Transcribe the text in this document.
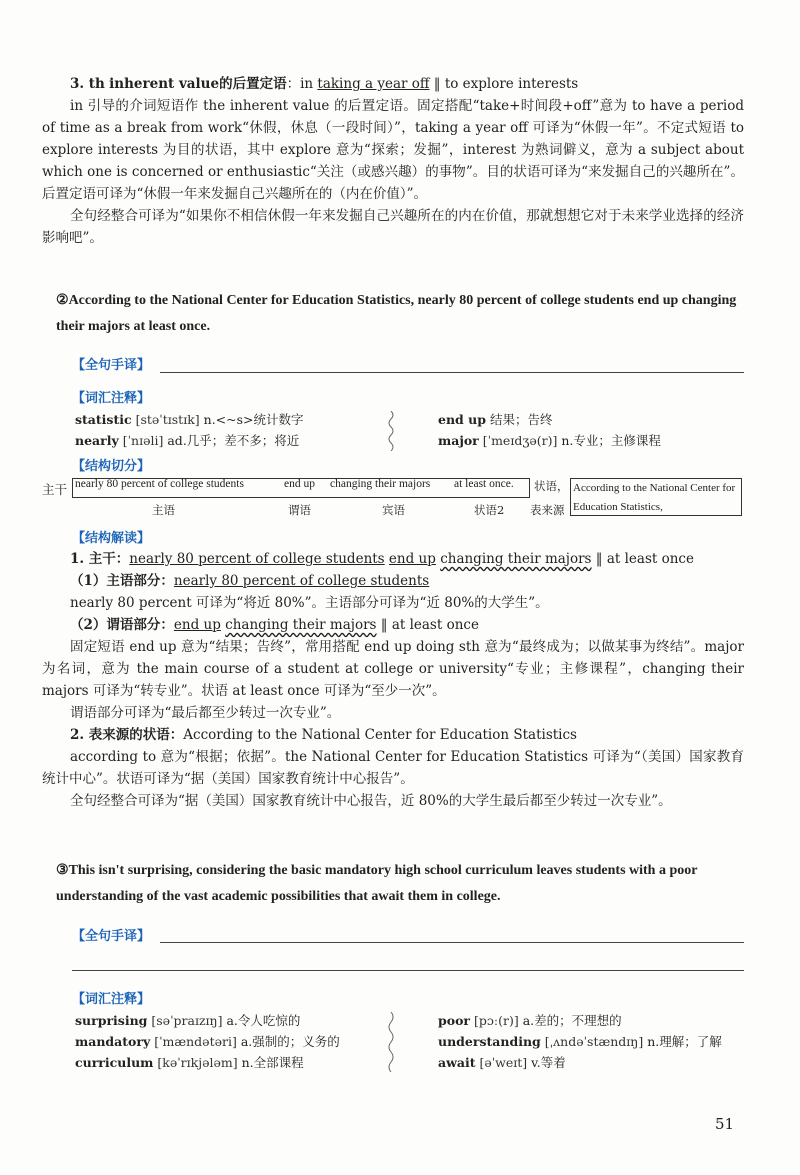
3. th inherent value的后置定语：in taking a year off ‖ to explore interests

in 引导的介词短语作 the inherent value 的后置定语。固定搭配“take+时间段+off”意为 to have a period of time as a break from work“休假，休息（一段时间）”，taking a year off 可译为“休假一年”。不定式短语 to explore interests 为目的状语，其中 explore 意为“探索；发掘”，interest 为熟词僻义，意为 a subject about which one is concerned or enthusiastic“关注（或感兴趣）的事物”。目的状语可译为“来发掘自己的兴趣所在”。后置定语可译为“休假一年来发掘自己兴趣所在的（内在价值）”。

全句经整合可译为“如果你不相信休假一年来发掘自己兴趣所在的内在价值，那就想想它对于未来学业选择的经济影响吧”。

②According to the National Center for Education Statistics, nearly 80 percent of college students end up changing their majors at least once.
【全句手译】
【词汇注释】
statistic [stəˈtɪstɪk] n.<~s>统计数字
nearly [ˈnɪəli] ad.几乎；差不多；将近
end up 结果；告终
major [ˈmeɪdʒə(r)] n.专业；主修课程
【结构切分】
主干 nearly 80 percent of college students	end up	changing their majors	at least once.	状语， According to the National Center for Education Statistics,
主语	谓语	宾语	状语2 表来源
【结构解读】

1. 主干：nearly 80 percent of college students end up changing their majors ‖ at least once

（1）主语部分：nearly 80 percent of college students

nearly 80 percent 可译为“将近 80%”。主语部分可译为“近 80%的大学生”。

（2）谓语部分：end up changing their majors ‖ at least once

固定短语 end up 意为“结果；告终”，常用搭配 end up doing sth 意为“最终成为；以做某事为终结”。major 为名词，意为 the main course of a student at college or university“专业；主修课程”，changing their majors 可译为“转专业”。状语 at least once 可译为“至少一次”。

谓语部分可译为“最后都至少转过一次专业”。

2. 表来源的状语：According to the National Center for Education Statistics

according to 意为“根据；依据”。the National Center for Education Statistics 可译为“（美国）国家教育统计中心”。状语可译为“据（美国）国家教育统计中心报告”。

全句经整合可译为“据（美国）国家教育统计中心报告，近 80%的大学生最后都至少转过一次专业”。

③This isn't surprising, considering the basic mandatory high school curriculum leaves students with a poor understanding of the vast academic possibilities that await them in college.
【全句手译】
【词汇注释】
surprising [səˈpraɪzɪŋ] a.令人吃惊的
mandatory [ˈmændətəri] a.强制的；义务的
curriculum [kəˈrɪkjələm] n.全部课程
poor [pɔː(r)] a.差的；不理想的
understanding [ˌʌndəˈstændɪŋ] n.理解；了解
await [əˈweɪt] v.等着
51
